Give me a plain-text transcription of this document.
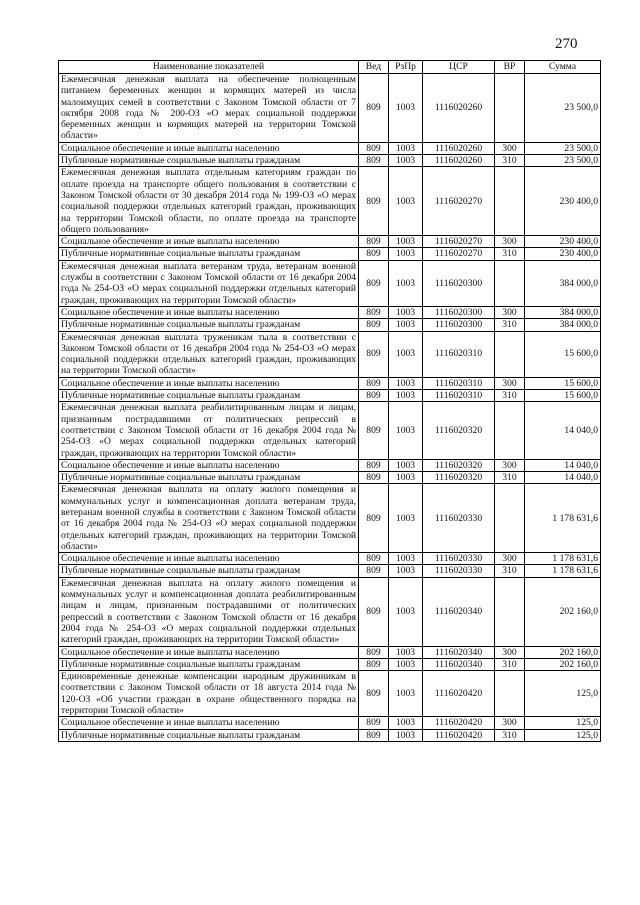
270
Наименование показателей	Вед	РзПр	ЦСР	ВР	Сумма
Ежемесячная денежная выплата на обеспечение полноценным питанием беременных женщин и кормящих матерей из числа малоимущих семей в соответствии с Законом Томской области от 7 октября 2008 года № 200-ОЗ «О мерах социальной поддержки беременных женщин и кормящих матерей на территории Томской области»	809	1003	1116020260		23 500,0
Социальное обеспечение и иные выплаты населению	809	1003	1116020260	300	23 500,0
Публичные нормативные социальные выплаты гражданам	809	1003	1116020260	310	23 500,0
Ежемесячная денежная выплата отдельным категориям граждан по оплате проезда на транспорте общего пользования в соответствии с Законом Томской области от 30 декабря 2014 года № 199-ОЗ «О мерах социальной поддержки отдельных категорий граждан, проживающих на территории Томской области, по оплате проезда на транспорте общего пользования»	809	1003	1116020270		230 400,0
Социальное обеспечение и иные выплаты населению	809	1003	1116020270	300	230 400,0
Публичные нормативные социальные выплаты гражданам	809	1003	1116020270	310	230 400,0
Ежемесячная денежная выплата ветеранам труда, ветеранам военной службы в соответствии с Законом Томской области от 16 декабря 2004 года № 254-ОЗ «О мерах социальной поддержки отдельных категорий граждан, проживающих на территории Томской области»	809	1003	1116020300		384 000,0
Социальное обеспечение и иные выплаты населению	809	1003	1116020300	300	384 000,0
Публичные нормативные социальные выплаты гражданам	809	1003	1116020300	310	384 000,0
Ежемесячная денежная выплата труженикам тыла в соответствии с Законом Томской области от 16 декабря 2004 года № 254-ОЗ «О мерах социальной поддержки отдельных категорий граждан, проживающих на территории Томской области»	809	1003	1116020310		15 600,0
Социальное обеспечение и иные выплаты населению	809	1003	1116020310	300	15 600,0
Публичные нормативные социальные выплаты гражданам	809	1003	1116020310	310	15 600,0
Ежемесячная денежная выплата реабилитированным лицам и лицам, признанным пострадавшими от политических репрессий в соответствии с Законом Томской области от 16 декабря 2004 года № 254-ОЗ «О мерах социальной поддержки отдельных категорий граждан, проживающих на территории Томской области»	809	1003	1116020320		14 040,0
Социальное обеспечение и иные выплаты населению	809	1003	1116020320	300	14 040,0
Публичные нормативные социальные выплаты гражданам	809	1003	1116020320	310	14 040,0
Ежемесячная денежная выплата на оплату жилого помещения и коммунальных услуг и компенсационная доплата ветеранам труда, ветеранам военной службы в соответствии с Законом Томской области от 16 декабря 2004 года № 254-ОЗ «О мерах социальной поддержки отдельных категорий граждан, проживающих на территории Томской области»	809	1003	1116020330		1 178 631,6
Социальное обеспечение и иные выплаты населению	809	1003	1116020330	300	1 178 631,6
Публичные нормативные социальные выплаты гражданам	809	1003	1116020330	310	1 178 631,6
Ежемесячная денежная выплата на оплату жилого помещения и коммунальных услуг и компенсационная доплата реабилитированным лицам и лицам, признанным пострадавшими от политических репрессий в соответствии с Законом Томской области от 16 декабря 2004 года № 254-ОЗ «О мерах социальной поддержки отдельных категорий граждан, проживающих на территории Томской области»	809	1003	1116020340		202 160,0
Социальное обеспечение и иные выплаты населению	809	1003	1116020340	300	202 160,0
Публичные нормативные социальные выплаты гражданам	809	1003	1116020340	310	202 160,0
Единовременные денежные компенсации народным дружинникам в соответствии с Законом Томской области от 18 августа 2014 года № 120-ОЗ «Об участии граждан в охране общественного порядка на территории Томской области»	809	1003	1116020420		125,0
Социальное обеспечение и иные выплаты населению	809	1003	1116020420	300	125,0
Публичные нормативные социальные выплаты гражданам	809	1003	1116020420	310	125,0
